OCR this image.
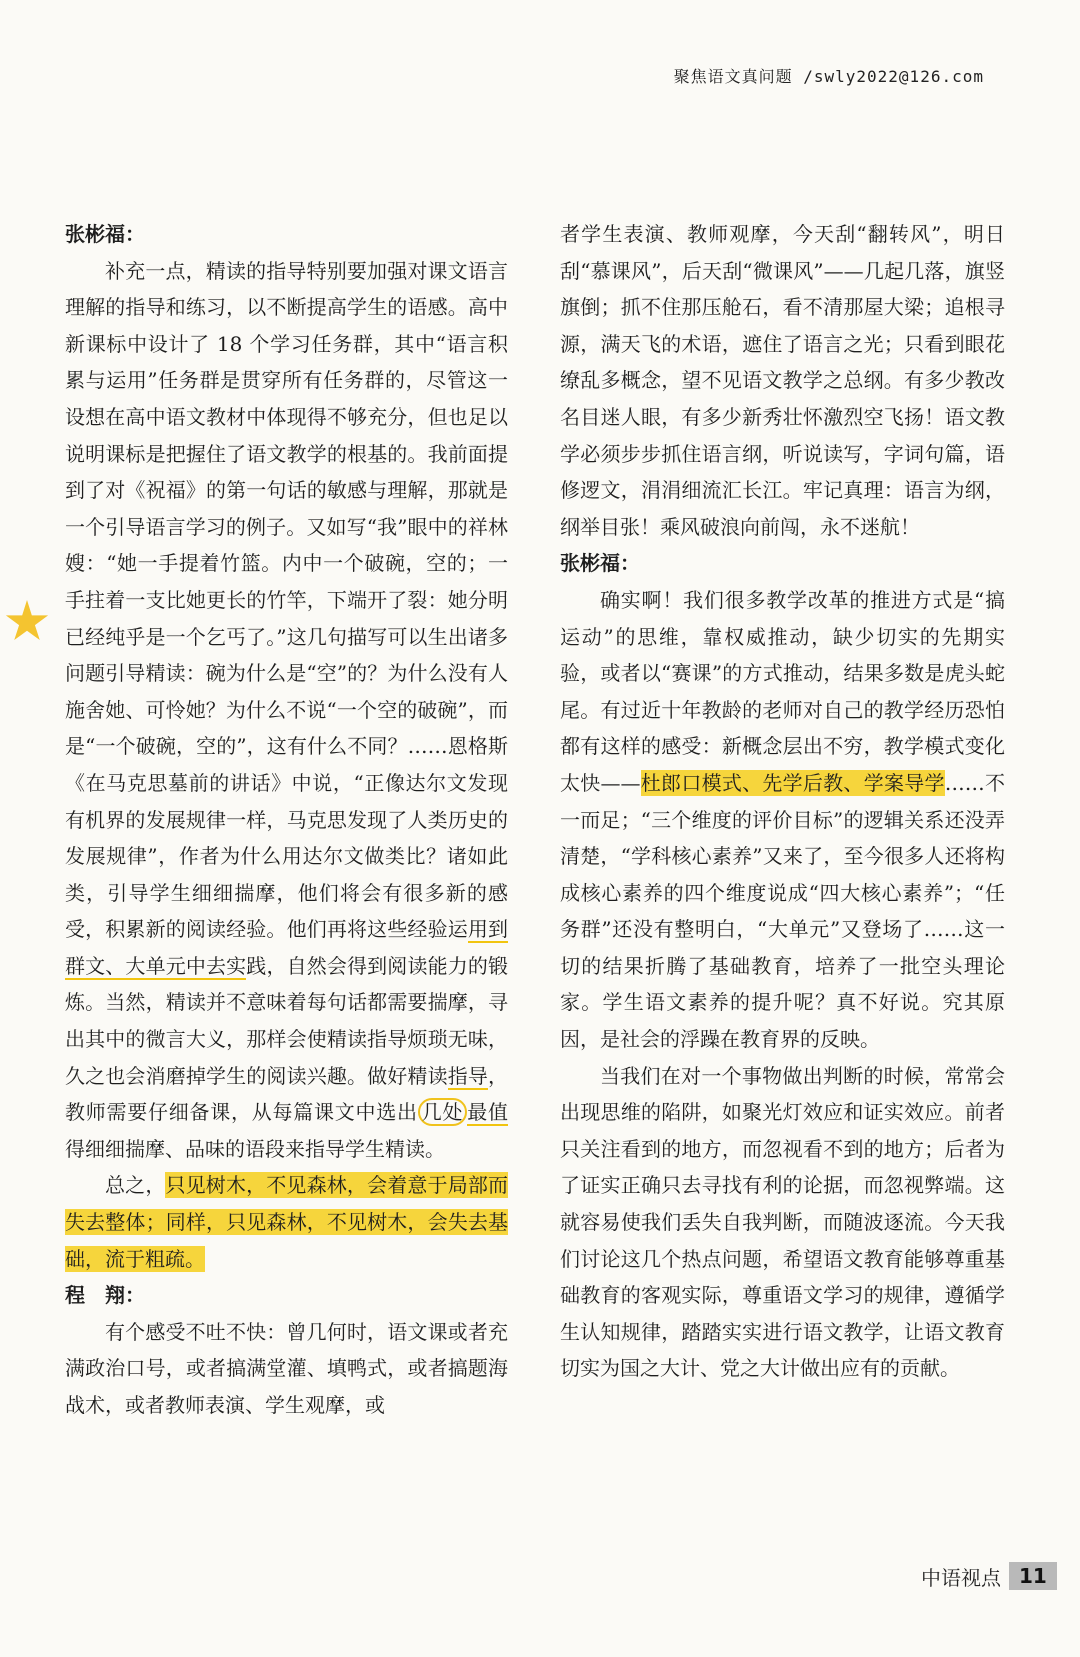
聚焦语文真问题 /swly2022@126.com

张彬福：

补充一点，精读的指导特别要加强对课文语言理解的指导和练习，以不断提高学生的语感。高中新课标中设计了 18 个学习任务群，其中“语言积累与运用”任务群是贯穿所有任务群的，尽管这一设想在高中语文教材中体现得不够充分，但也足以说明课标是把握住了语文教学的根基的。我前面提到了对《祝福》的第一句话的敏感与理解，那就是一个引导语言学习的例子。又如写“我”眼中的祥林嫂：“她一手提着竹篮。内中一个破碗，空的；一手拄着一支比她更长的竹竿，下端开了裂：她分明已经纯乎是一个乞丐了。”这几句描写可以生出诸多问题引导精读：碗为什么是“空”的？为什么没有人施舍她、可怜她？为什么不说“一个空的破碗”，而是“一个破碗，空的”，这有什么不同？……恩格斯《在马克思墓前的讲话》中说，“正像达尔文发现有机界的发展规律一样，马克思发现了人类历史的发展规律”，作者为什么用达尔文做类比？诸如此类，引导学生细细揣摩，他们将会有很多新的感受，积累新的阅读经验。他们再将这些经验运用到群文、大单元中去实践，自然会得到阅读能力的锻炼。当然，精读并不意味着每句话都需要揣摩，寻出其中的微言大义，那样会使精读指导烦琐无味，久之也会消磨掉学生的阅读兴趣。做好精读指导，教师需要仔细备课，从每篇课文中选出 几处 最值得细细揣摩、品味的语段来指导学生精读。

总之，只见树木，不见森林，会着意于局部而失去整体；同样，只见森林，不见树木，会失去基础，流于粗疏。

程　翔：

有个感受不吐不快：曾几何时，语文课或者充满政治口号，或者搞满堂灌、填鸭式，或者搞题海战术，或者教师表演、学生观摩，或

者学生表演、教师观摩，今天刮“翻转风”，明日刮“慕课风”，后天刮“微课风”——几起几落，旗竖旗倒；抓不住那压舱石，看不清那屋大梁；追根寻源，满天飞的术语，遮住了语言之光；只看到眼花缭乱多概念，望不见语文教学之总纲。有多少教改名目迷人眼，有多少新秀壮怀激烈空飞扬！语文教学必须步步抓住语言纲，听说读写，字词句篇，语修逻文，涓涓细流汇长江。牢记真理：语言为纲，纲举目张！乘风破浪向前闯，永不迷航！

张彬福：

确实啊！我们很多教学改革的推进方式是“搞运动”的思维，靠权威推动，缺少切实的先期实验，或者以“赛课”的方式推动，结果多数是虎头蛇尾。有过近十年教龄的老师对自己的教学经历恐怕都有这样的感受：新概念层出不穷，教学模式变化太快——杜郎口模式、先学后教、学案导学……不一而足；“三个维度的评价目标”的逻辑关系还没弄清楚，“学科核心素养”又来了，至今很多人还将构成核心素养的四个维度说成“四大核心素养”；“任务群”还没有整明白，“大单元”又登场了……这一切的结果折腾了基础教育，培养了一批空头理论家。学生语文素养的提升呢？真不好说。究其原因，是社会的浮躁在教育界的反映。

当我们在对一个事物做出判断的时候，常常会出现思维的陷阱，如聚光灯效应和证实效应。前者只关注看到的地方，而忽视看不到的地方；后者为了证实正确只去寻找有利的论据，而忽视弊端。这就容易使我们丢失自我判断，而随波逐流。今天我们讨论这几个热点问题，希望语文教育能够尊重基础教育的客观实际，尊重语文学习的规律，遵循学生认知规律，踏踏实实进行语文教学，让语文教育切实为国之大计、党之大计做出应有的贡献。

中语视点 11
